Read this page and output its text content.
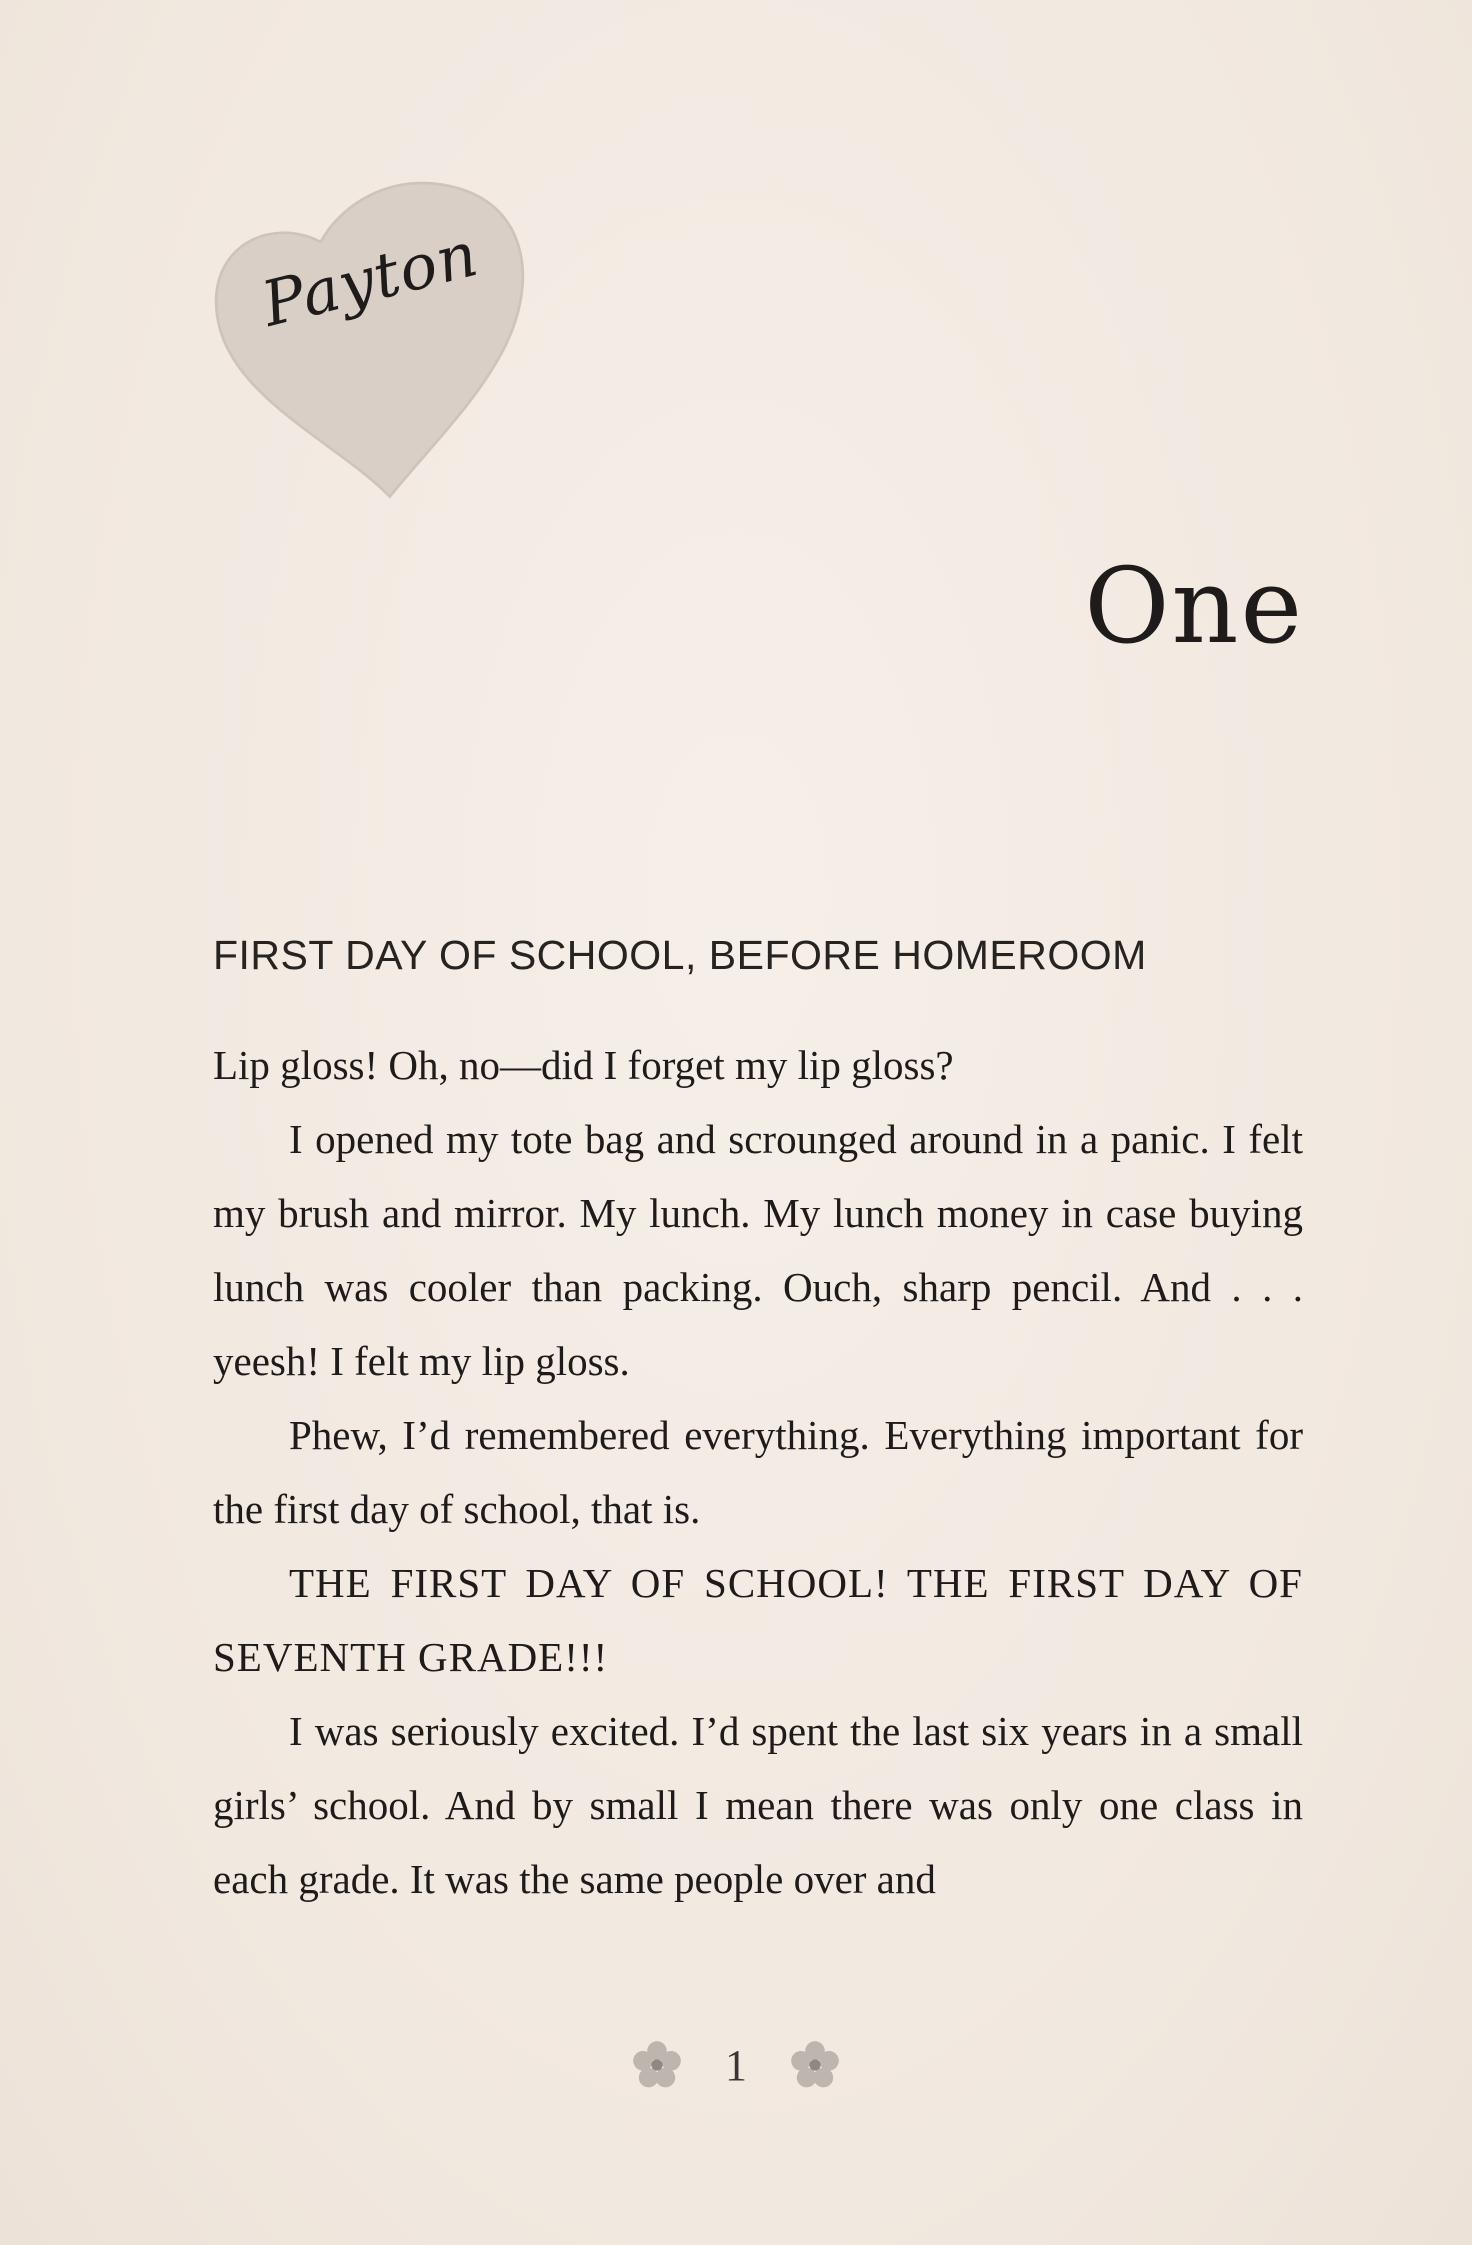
Payton
One
FIRST DAY OF SCHOOL, BEFORE HOMEROOM

Lip gloss! Oh, no—did I forget my lip gloss?

I opened my tote bag and scrounged around in a panic. I felt my brush and mirror. My lunch. My lunch money in case buying lunch was cooler than packing. Ouch, sharp pencil. And . . . yeesh! I felt my lip gloss.

Phew, I’d remembered everything. Everything important for the first day of school, that is.

THE FIRST DAY OF SCHOOL! THE FIRST DAY OF SEVENTH GRADE!!!

I was seriously excited. I’d spent the last six years in a small girls’ school. And by small I mean there was only one class in each grade. It was the same people over and

1
